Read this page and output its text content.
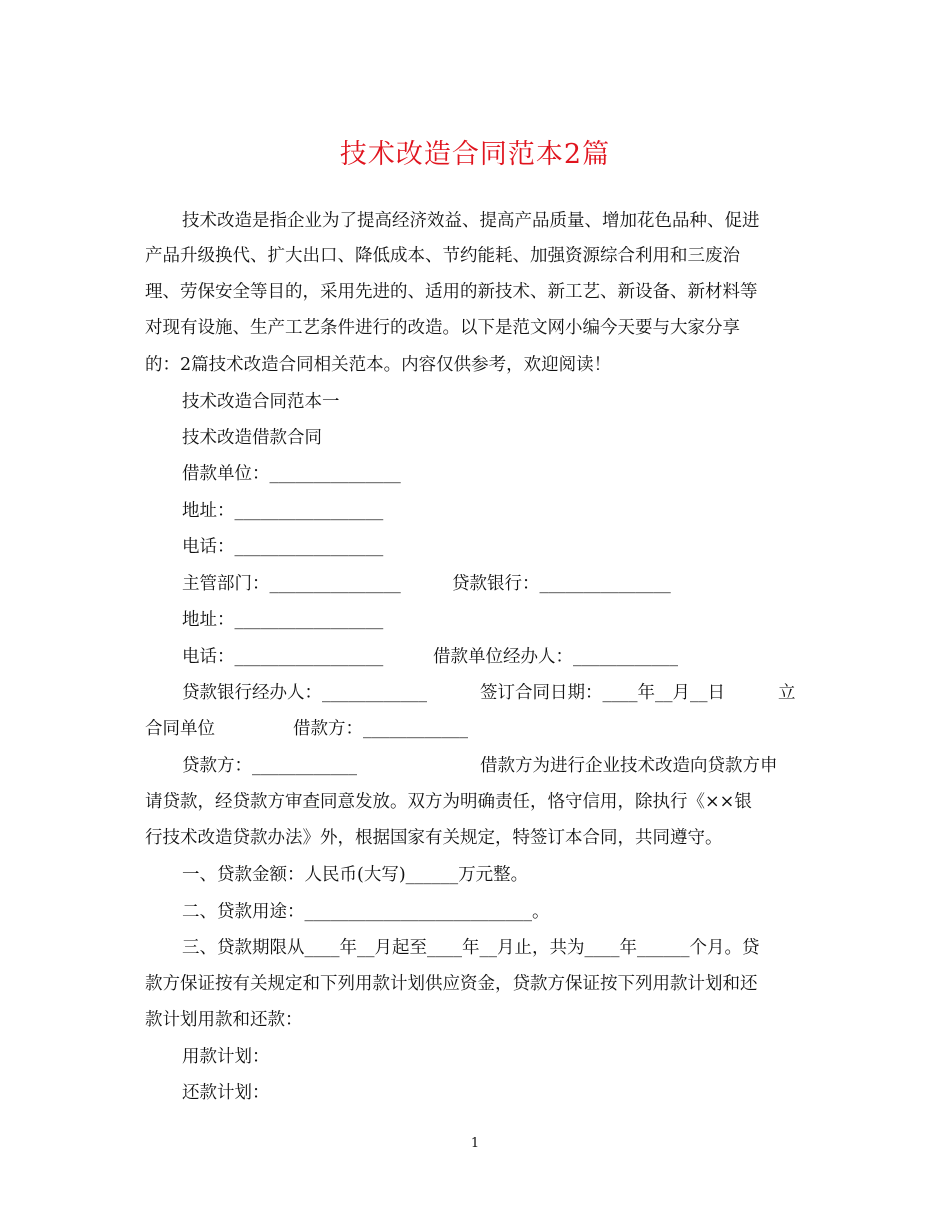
技术改造合同范本2篇
技术改造是指企业为了提高经济效益、提高产品质量、增加花色品种、促进
产品升级换代、扩大出口、降低成本、节约能耗、加强资源综合利用和三废治
理、劳保安全等目的，采用先进的、适用的新技术、新工艺、新设备、新材料等
对现有设施、生产工艺条件进行的改造。以下是范文网小编今天要与大家分享
的：2篇技术改造合同相关范本。内容仅供参考，欢迎阅读！
技术改造合同范本一
技术改造借款合同
借款单位：_______________
地址：_________________
电话：_________________
主管部门：_______________	贷款银行：_______________
地址：_________________
电话：_________________	借款单位经办人：____________
贷款银行经办人：____________	签订合同日期：____年__月__日	立
合同单位	借款方：____________
贷款方：____________	借款方为进行企业技术改造向贷款方申
请贷款，经贷款方审查同意发放。双方为明确责任，恪守信用，除执行《××银
行技术改造贷款办法》外，根据国家有关规定，特签订本合同，共同遵守。
一、贷款金额：人民币(大写)______万元整。
二、贷款用途：__________________________。
三、贷款期限从____年__月起至____年__月止，共为____年______个月。贷
款方保证按有关规定和下列用款计划供应资金，贷款方保证按下列用款计划和还
款计划用款和还款：
用款计划：
还款计划：
1
